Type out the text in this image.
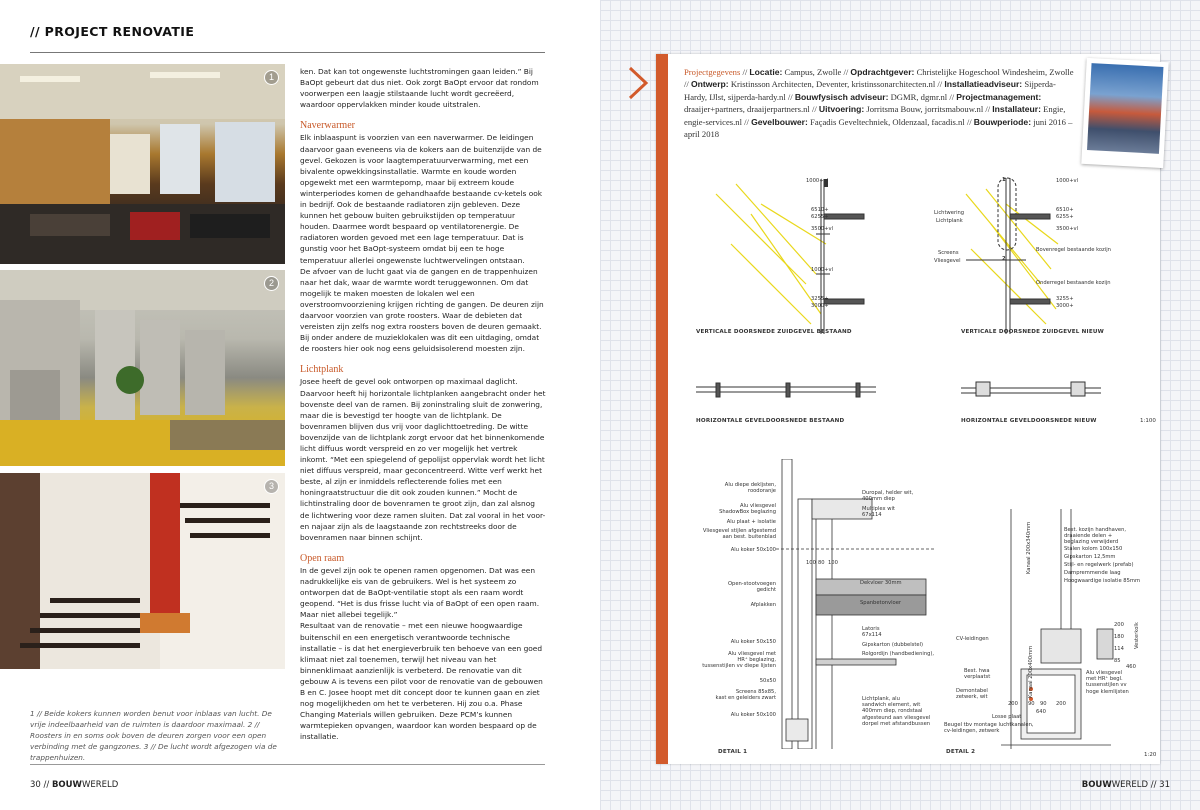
// PROJECT RENOVATIE
1
2
3
1 // Beide kokers kunnen worden benut voor inblaas van lucht. De vrije indeelbaarheid van de ruimten is daardoor maximaal. 2 // Roosters in en soms ook boven de deuren zorgen voor een open verbinding met de gangzones. 3 // De lucht wordt afgezogen via de trappenhuizen.

ken. Dat kan tot ongewenste luchtstromingen gaan leiden.” Bij BaOpt gebeurt dat dus niet. Ook zorgt BaOpt ervoor dat rondom voorwerpen een laagje stilstaande lucht wordt gecreëerd, waardoor oppervlakken minder koude uitstralen.

Naverwarmer

Elk inblaaspunt is voorzien van een naverwarmer. De leidingen daarvoor gaan eveneens via de kokers aan de buitenzijde van de gevel. Gekozen is voor laagtemperatuurverwarming, met een bivalente opwekkingsinstallatie. Warmte en koude worden opgewekt met een warmtepomp, maar bij extreem koude winterperiodes komen de gehandhaafde bestaande cv-ketels ook in bedrijf. Ook de bestaande radiatoren zijn gebleven. Deze kunnen het gebouw buiten gebruikstijden op temperatuur houden. Daarmee wordt bespaard op ventilatorenergie. De radiatoren worden gevoed met een lage temperatuur. Dat is gunstig voor het BaOpt-systeem omdat bij een te hoge temperatuur allerlei ongewenste luchtwervelingen ontstaan.

De afvoer van de lucht gaat via de gangen en de trappenhuizen naar het dak, waar de warmte wordt teruggewonnen. Om dat mogelijk te maken moesten de lokalen wel een overstroomvoorziening krijgen richting de gangen. De deuren zijn daarvoor voorzien van grote roosters. Waar de debieten dat vereisten zijn zelfs nog extra roosters boven de deuren gemaakt. Bij onder andere de muzieklokalen was dit een uitdaging, omdat de roosters hier ook nog eens geluidsisolerend moesten zijn.

Lichtplank

Josee heeft de gevel ook ontworpen op maximaal daglicht. Daarvoor heeft hij horizontale lichtplanken aangebracht onder het bovenste deel van de ramen. Bij zoninstraling sluit de zonwering, maar die is bevestigd ter hoogte van de lichtplank. De bovenramen blijven dus vrij voor daglichttoetreding. De witte bovenzijde van de lichtplank zorgt ervoor dat het binnenkomende licht diffuus wordt verspreid en zo ver mogelijk het vertrek inkomt. “Met een spiegelend of gepolijst oppervlak wordt het licht niet diffuus verspreid, maar geconcentreerd. Witte verf werkt het beste, al zijn er inmiddels reflecterende folies met een honingraatstructuur die dit ook zouden kunnen.” Mocht de lichtinstraling door de bovenramen te groot zijn, dan zal alsnog de lichtwering voor deze ramen sluiten. Dat zal vooral in het voor- en najaar zijn als de laagstaande zon rechtstreeks door de bovenramen naar binnen schijnt.

Open raam

In de gevel zijn ook te openen ramen opgenomen. Dat was een nadrukkelijke eis van de gebruikers. Wel is het systeem zo ontworpen dat de BaOpt-ventilatie stopt als een raam wordt geopend. “Het is dus frisse lucht via of BaOpt of een open raam. Maar niet allebei tegelijk.”

Resultaat van de renovatie – met een nieuwe hoogwaardige buitenschil en een energetisch verantwoorde technische installatie – is dat het energieverbruik ten behoeve van een goed klimaat niet zal toenemen, terwijl het niveau van het binnenklimaat aanzienlijk is verbeterd. De renovatie van dit gebouw A is tevens een pilot voor de renovatie van de gebouwen B en C. Josee hoopt met dit concept door te kunnen gaan en ziet nog mogelijkheden om het te verbeteren. Hij zou o.a. Phase Changing Materials willen gebruiken. Deze PCM’s kunnen warmtepieken opvangen, waardoor kan worden bespaard op de installatie.

30 // BOUWWERELD
Projectgegevens // Locatie: Campus, Zwolle // Opdrachtgever: Christelijke Hogeschool Windesheim, Zwolle // Ontwerp: Kristinsson Architecten, Deventer, kristinssonarchitecten.nl // Installatieadviseur: Sijperda-Hardy, IJlst, sijperda-hardy.nl // Bouwfysisch adviseur: DGMR, dgmr.nl // Projectmanagement: draaijer+partners, draaijerpartners.nl // Uitvoering: Jorritsma Bouw, jorritsmabouw.nl // Installateur: Engie, engie-services.nl // Gevelbouwer: Façadis Geveltechniek, Oldenzaal, facadis.nl // Bouwperiode: juni 2016 – april 2018
1000+vl
6510+
6255+
3500+vl
1000+vl
3255+
3000+
VERTICALE DOORSNEDE ZUIDGEVEL BESTAAND
1000+vl
6510+
6255+
3500+vl
3255+
3000+
Lichtwering
Lichtplank
Screens
Vliesgevel
Bovenregel bestaande kozijn
Onderregel bestaande kozijn
1
2
VERTICALE DOORSNEDE ZUIDGEVEL NIEUW
HORIZONTALE GEVELDOORSNEDE BESTAAND	HORIZONTALE GEVELDOORSNEDE NIEUW	1:100
Alu diepe dekljsten,
roodoranje
Alu vliesgevel
ShadowBox beglazing
Alu plaat + isolatie
Vliesgevel stijlen afgestemd
aan best. buitenblad
Alu koker 50x100
Open-stootvoegen
gedicht
Afplakken
Alu koker 50x150
Alu vliesgevel met
HR⁺ beglazing,
tussenstijlen vv diepe lijsten
50x50
Screens 85x85,
kast en geleiders zwart
Alu koker 50x100
Duropal, helder wit,
400mm diep
Multiplex wit
67x114
Dekvloer 30mm
Spanbetonvloer
Latoris
67x114
Gipskarton (dubbelstel)
Rolgordijn (handbediening),
Lichtplank, alu
sandwich element, wit
400mm diep, rondstaal
afgesteund aan vliesgevel
dorpel met afstandbussen
100 80 100
DETAIL 1
Best. kozijn handhaven,
draaiende delen +
beglazing verwijderd
Stalen kolom 100x150
Gipskarton 12,5mm
Stijl- en regelwerk (prefab)
Dampremmende laag
Hoogwaardige isolatie 85mm
CV-leidingen
Best. hwa
verplaatst
Demontabel
zetwerk, wit
Losse plaat
Beugel tbv montage luchtkanalen,
cv-leidingen, zetwerk
Alu vliesgevel
met HR⁺ begl.
tussenstijlen vv
hoge klemlijsten
Kanaal 200x340mm
Kanaal 200x400mm
Vesterkolk
200 90 90 200
640
85
114
180
200
460
DETAIL 2	1:20
BOUWWERELD // 31
